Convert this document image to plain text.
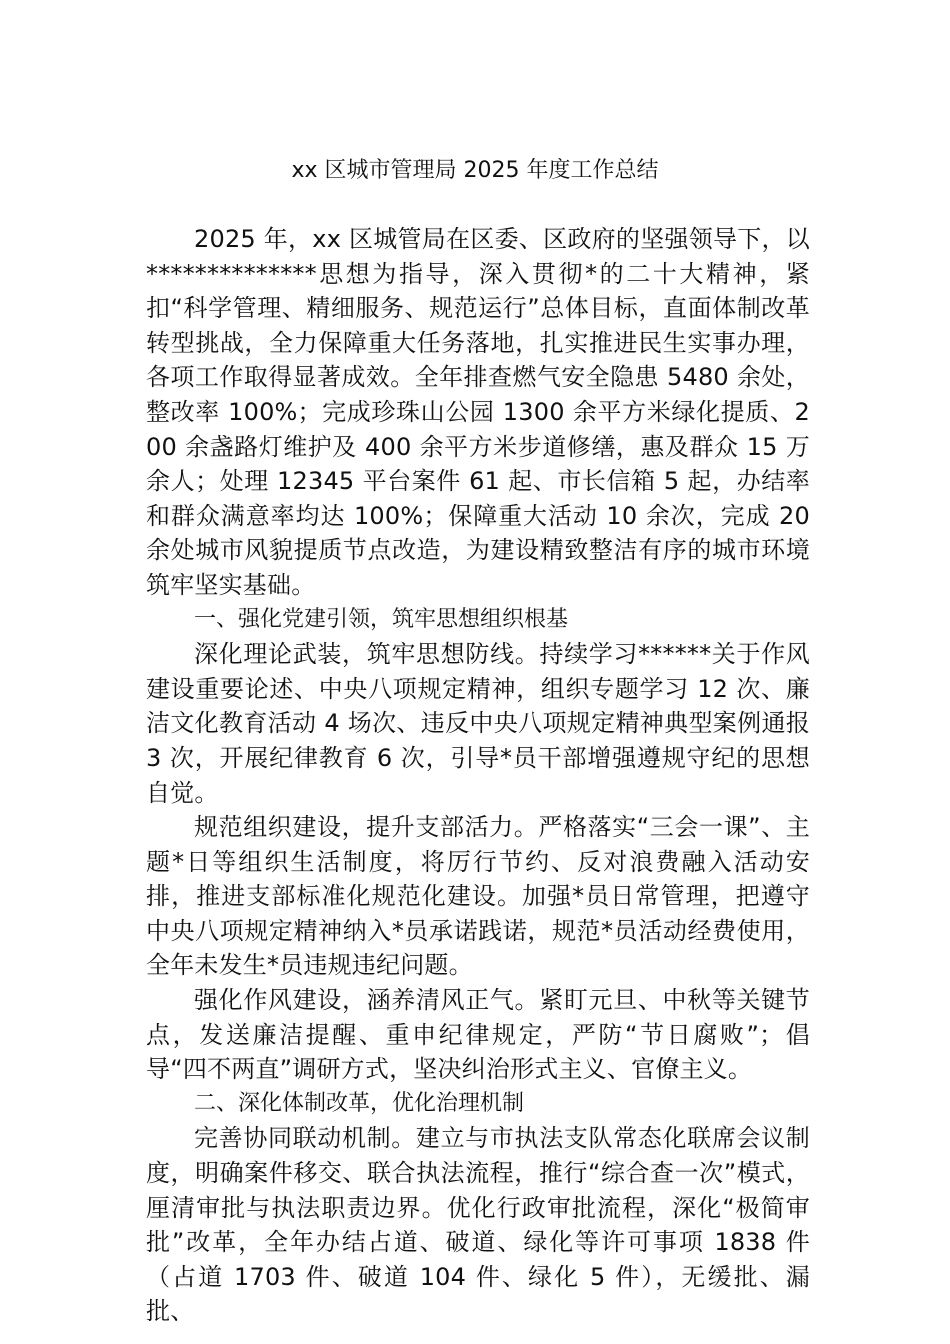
xx 区城市管理局 2025 年度工作总结

2025 年，xx 区城管局在区委、区政府的坚强领导下，以**************思想为指导，深入贯彻*的二十大精神，紧扣“科学管理、精细服务、规范运行”总体目标，直面体制改革转型挑战，全力保障重大任务落地，扎实推进民生实事办理，各项工作取得显著成效。全年排查燃气安全隐患 5480 余处，整改率 100%；完成珍珠山公园 1300 余平方米绿化提质、200 余盏路灯维护及 400 余平方米步道修缮，惠及群众 15 万余人；处理 12345 平台案件 61 起、市长信箱 5 起，办结率和群众满意率均达 100%；保障重大活动 10 余次，完成 20 余处城市风貌提质节点改造，为建设精致整洁有序的城市环境筑牢坚实基础。

一、强化党建引领，筑牢思想组织根基

深化理论武装，筑牢思想防线。持续学习******关于作风建设重要论述、中央八项规定精神，组织专题学习 12 次、廉洁文化教育活动 4 场次、违反中央八项规定精神典型案例通报 3 次，开展纪律教育 6 次，引导*员干部增强遵规守纪的思想自觉。

规范组织建设，提升支部活力。严格落实“三会一课”、主题*日等组织生活制度，将厉行节约、反对浪费融入活动安排，推进支部标准化规范化建设。加强*员日常管理，把遵守中央八项规定精神纳入*员承诺践诺，规范*员活动经费使用，全年未发生*员违规违纪问题。

强化作风建设，涵养清风正气。紧盯元旦、中秋等关键节点，发送廉洁提醒、重申纪律规定，严防“节日腐败”；倡导“四不两直”调研方式，坚决纠治形式主义、官僚主义。

二、深化体制改革，优化治理机制

完善协同联动机制。建立与市执法支队常态化联席会议制度，明确案件移交、联合执法流程，推行“综合查一次”模式，厘清审批与执法职责边界。优化行政审批流程，深化“极简审批”改革，全年办结占道、破道、绿化等许可事项 1838 件（占道 1703 件、破道 104 件、绿化 5 件），无缓批、漏批、
